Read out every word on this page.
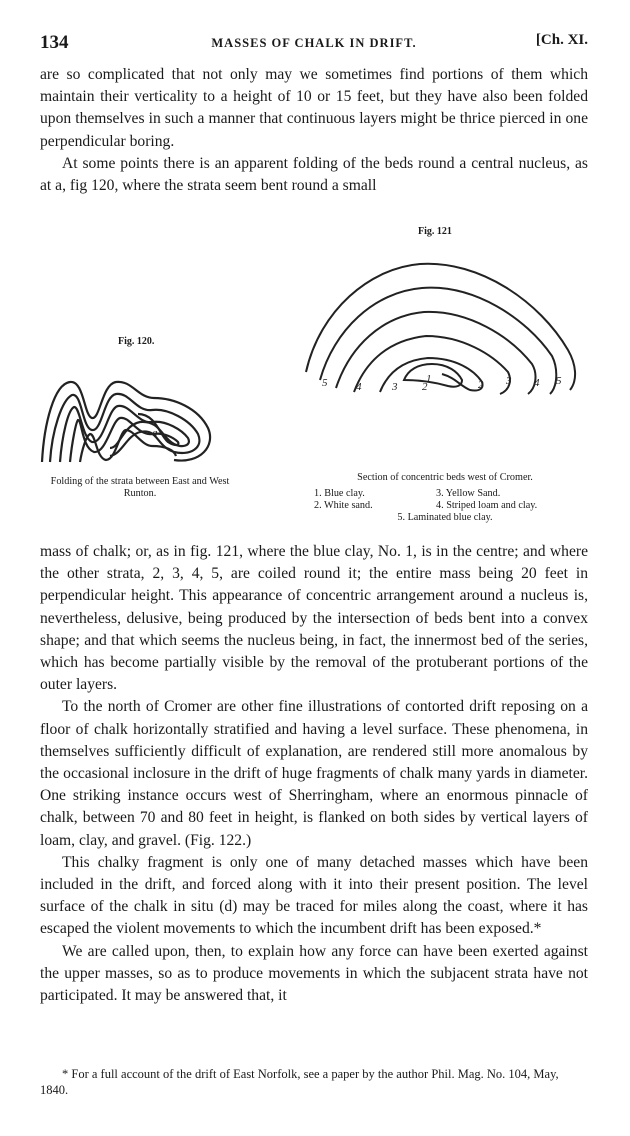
134	MASSES OF CHALK IN DRIFT.	[Ch. XI.

are so complicated that not only may we sometimes find portions of them which maintain their verticality to a height of 10 or 15 feet, but they have also been folded upon themselves in such a manner that continuous layers might be thrice pierced in one perpendicular boring.

At some points there is an apparent folding of the beds round a central nucleus, as at a, fig 120, where the strata seem bent round a small

Fig. 120.
a
Folding of the strata between East and West Runton.
Fig. 121
1
2	2
3	3
4	4
5	5
Section of concentric beds west of Cromer.
1. Blue clay.	3. Yellow Sand.
2. White sand.	4. Striped loam and clay.
5. Laminated blue clay.

mass of chalk; or, as in fig. 121, where the blue clay, No. 1, is in the centre; and where the other strata, 2, 3, 4, 5, are coiled round it; the entire mass being 20 feet in perpendicular height. This appearance of concentric arrangement around a nucleus is, nevertheless, delusive, being produced by the intersection of beds bent into a convex shape; and that which seems the nucleus being, in fact, the innermost bed of the series, which has become partially visible by the removal of the protuberant portions of the outer layers.

To the north of Cromer are other fine illustrations of contorted drift reposing on a floor of chalk horizontally stratified and having a level surface. These phenomena, in themselves sufficiently difficult of explanation, are rendered still more anomalous by the occasional inclosure in the drift of huge fragments of chalk many yards in diameter. One striking instance occurs west of Sherringham, where an enormous pinnacle of chalk, between 70 and 80 feet in height, is flanked on both sides by vertical layers of loam, clay, and gravel. (Fig. 122.)

This chalky fragment is only one of many detached masses which have been included in the drift, and forced along with it into their present position. The level surface of the chalk in situ (d) may be traced for miles along the coast, where it has escaped the violent movements to which the incumbent drift has been exposed.*

We are called upon, then, to explain how any force can have been exerted against the upper masses, so as to produce movements in which the subjacent strata have not participated. It may be answered that, it

* For a full account of the drift of East Norfolk, see a paper by the author Phil. Mag. No. 104, May, 1840.
